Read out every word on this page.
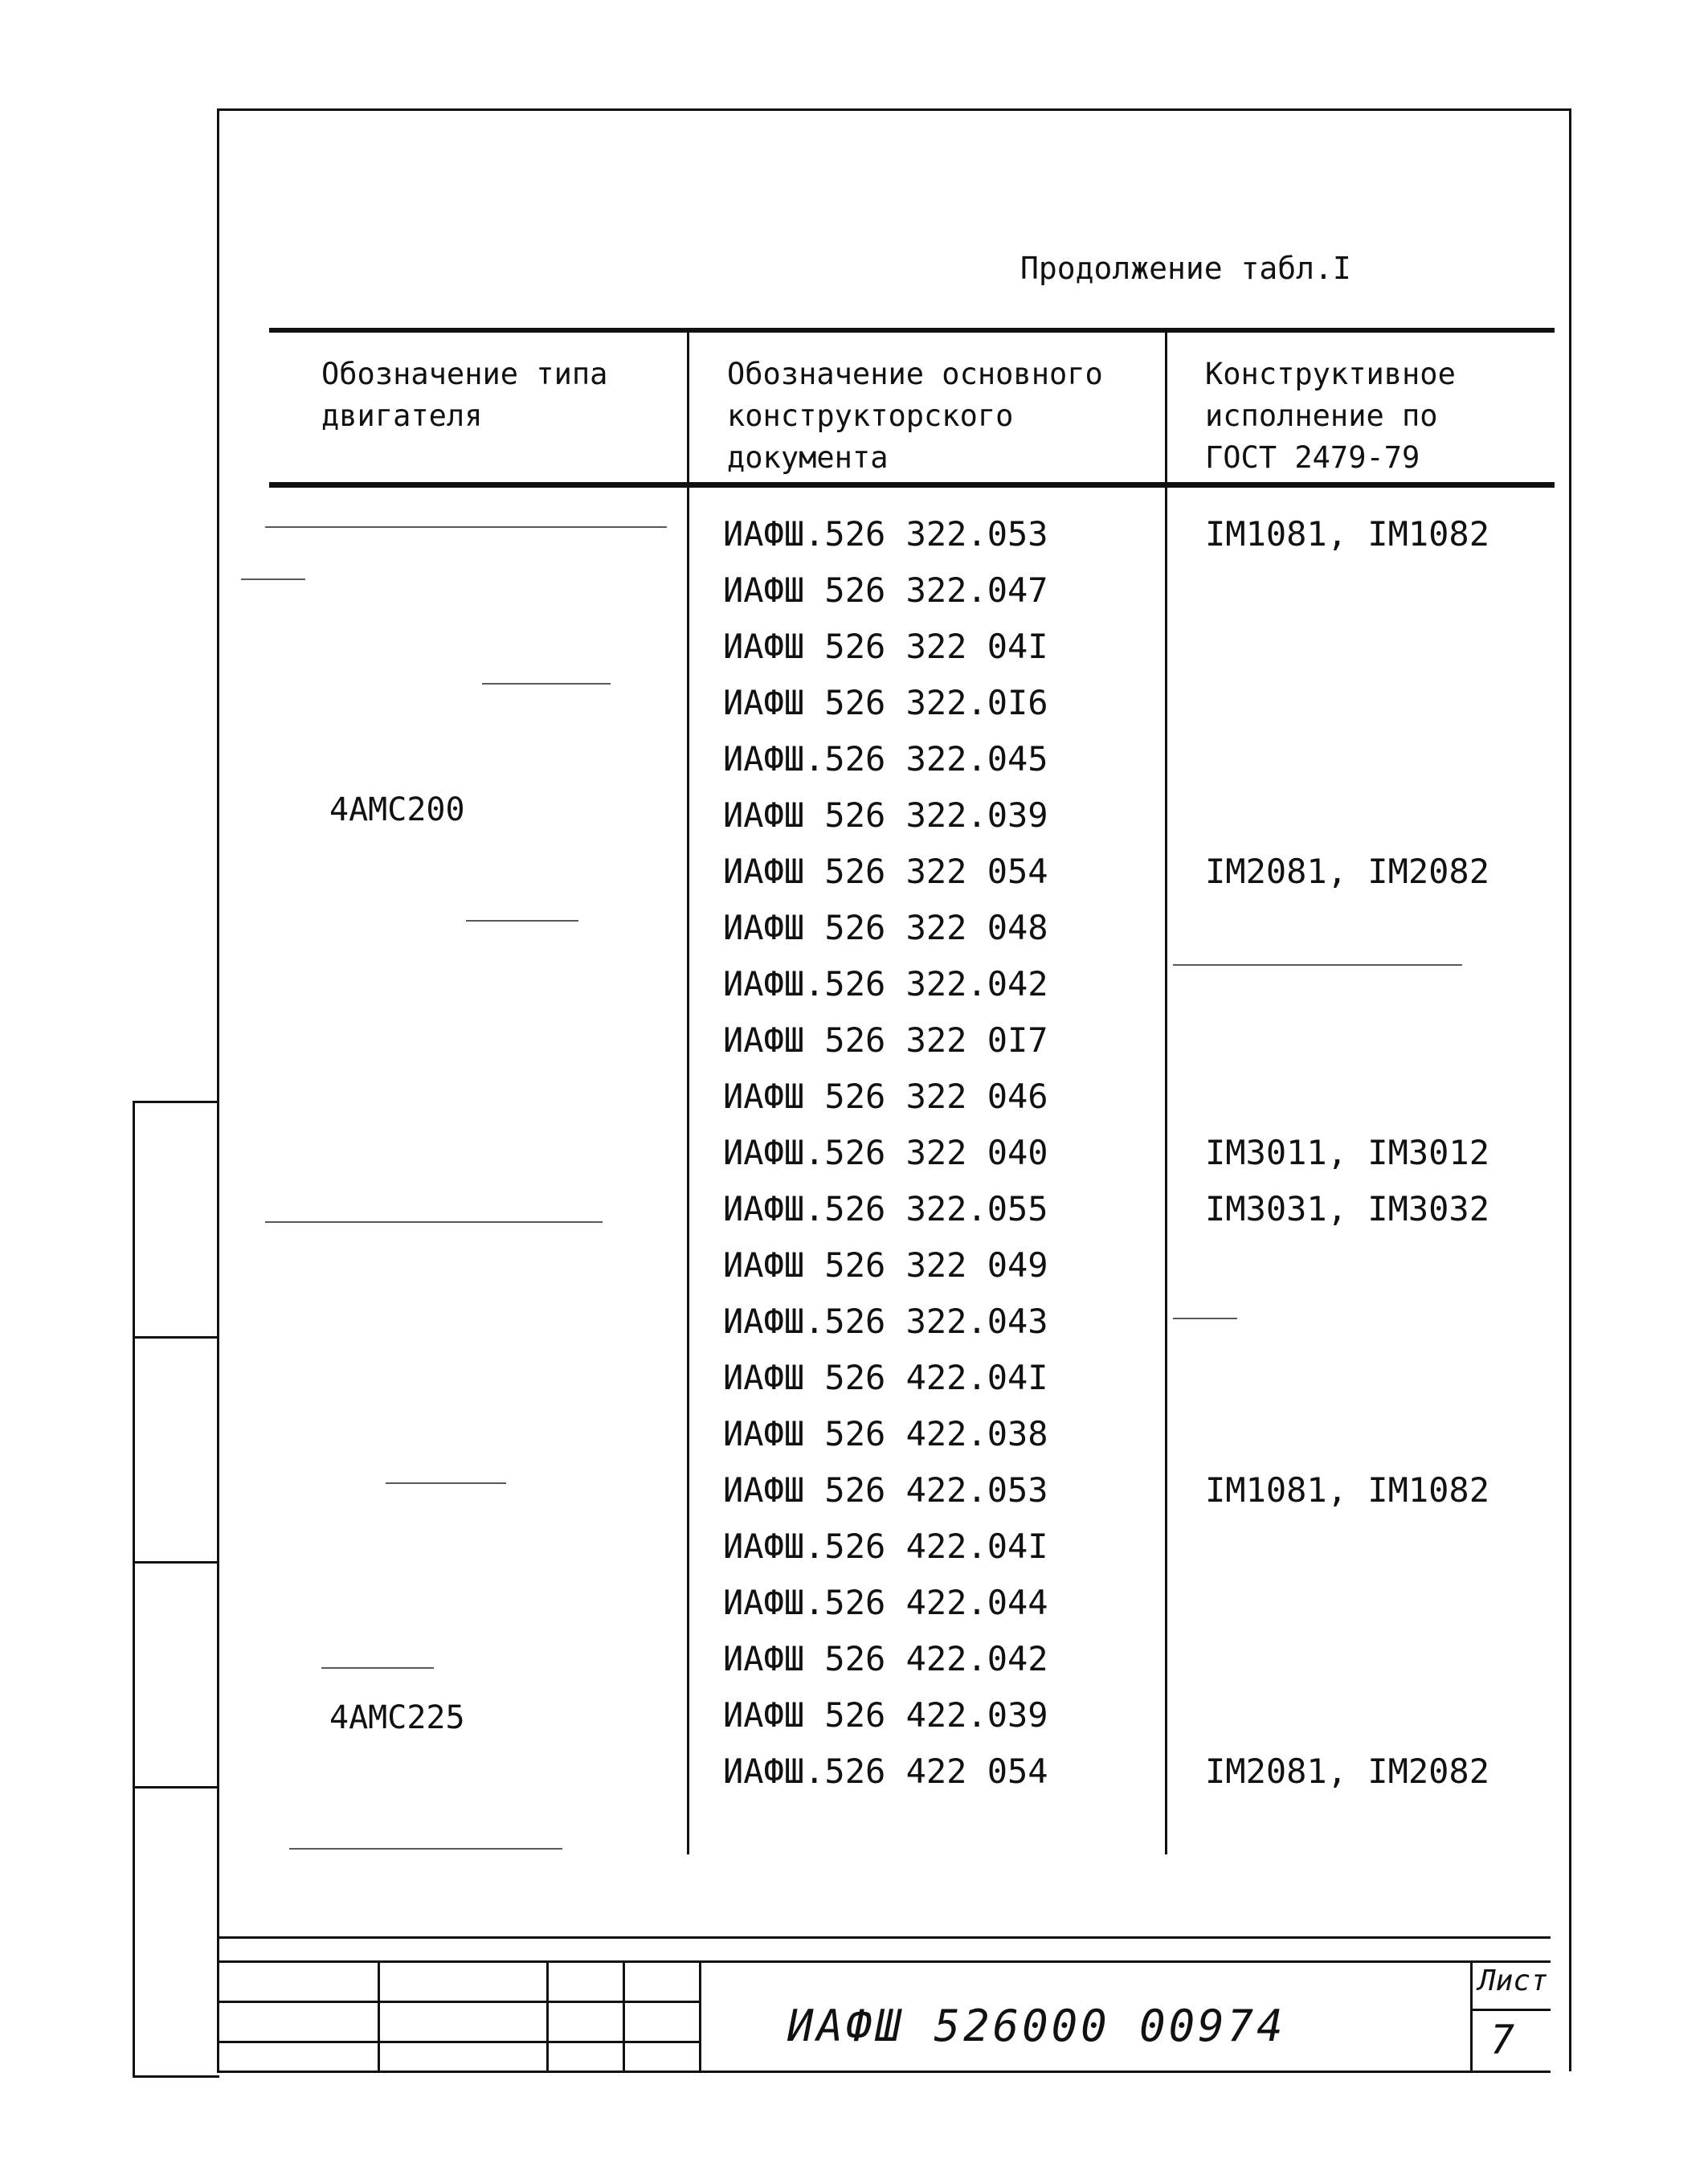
Продолжение табл.I
Обозначение типа
двигателя
Обозначение основного
конструкторского
документа
Конструктивное
исполнение по
ГОСТ 2479-79
4АМС200
4АМС225
ИАФШ.526 322.053
ИАФШ 526 322.047
ИАФШ 526 322 04I
ИАФШ 526 322.0I6
ИАФШ.526 322.045
ИАФШ 526 322.039
ИАФШ 526 322 054
ИАФШ 526 322 048
ИАФШ.526 322.042
ИАФШ 526 322 0I7
ИАФШ 526 322 046
ИАФШ.526 322 040
ИАФШ.526 322.055
ИАФШ 526 322 049
ИАФШ.526 322.043
ИАФШ 526 422.04I
ИАФШ 526 422.038
ИАФШ 526 422.053
ИАФШ.526 422.04I
ИАФШ.526 422.044
ИАФШ 526 422.042
ИАФШ 526 422.039
ИАФШ.526 422 054
IM1081, IM1082
IM2081, IM2082
IM3011, IM3012
IM3031, IM3032
IM1081, IM1082
IM2081, IM2082
ИАФШ 526000 00974
Лист
7
